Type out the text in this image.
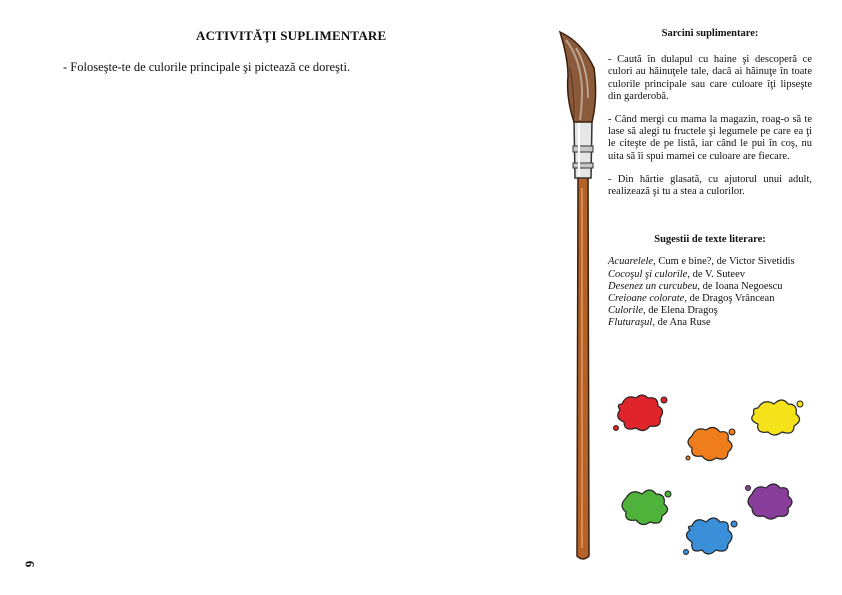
ACTIVITĂŢI SUPLIMENTARE
- Foloseşte-te de culorile principale şi pictează ce doreşti.
6
Sarcini suplimentare:

- Caută în dulapul cu haine şi descoperă ce culori au hăinuţele tale, dacă ai hăinuţe în toate culorile principale sau care culoare îţi lipseşte din garderobă.

- Când mergi cu mama la magazin, roag-o să te lase să alegi tu fructele şi legumele pe care ea ţi le citeşte de pe listă, iar când le pui în coş, nu uita să îi spui mamei ce culoare are fiecare.

- Din hârtie glasată, cu ajutorul unui adult, realizează şi tu a stea a culorilor.

Sugestii de texte literare:
Acuarelele, Cum e bine?, de Victor Sivetidis
Cocoşul şi culorile, de V. Suteev
Desenez un curcubeu, de Ioana Negoescu
Creioane colorate, de Dragoş Vrâncean
Culorile, de Elena Dragoş
Fluturaşul, de Ana Ruse
